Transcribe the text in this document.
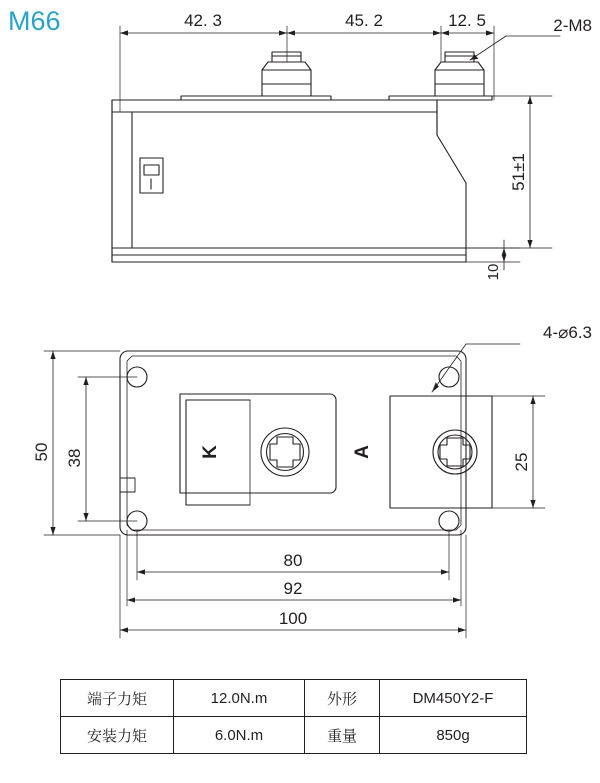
M66	42. 3	45. 2	12. 5	2-M8
51±1
10
4-⌀6.3
50 38	25
80
92
100
K	A
端子力矩	12.0N.m	外形	DM450Y2-F
安装力矩	6.0N.m	重量	850g
